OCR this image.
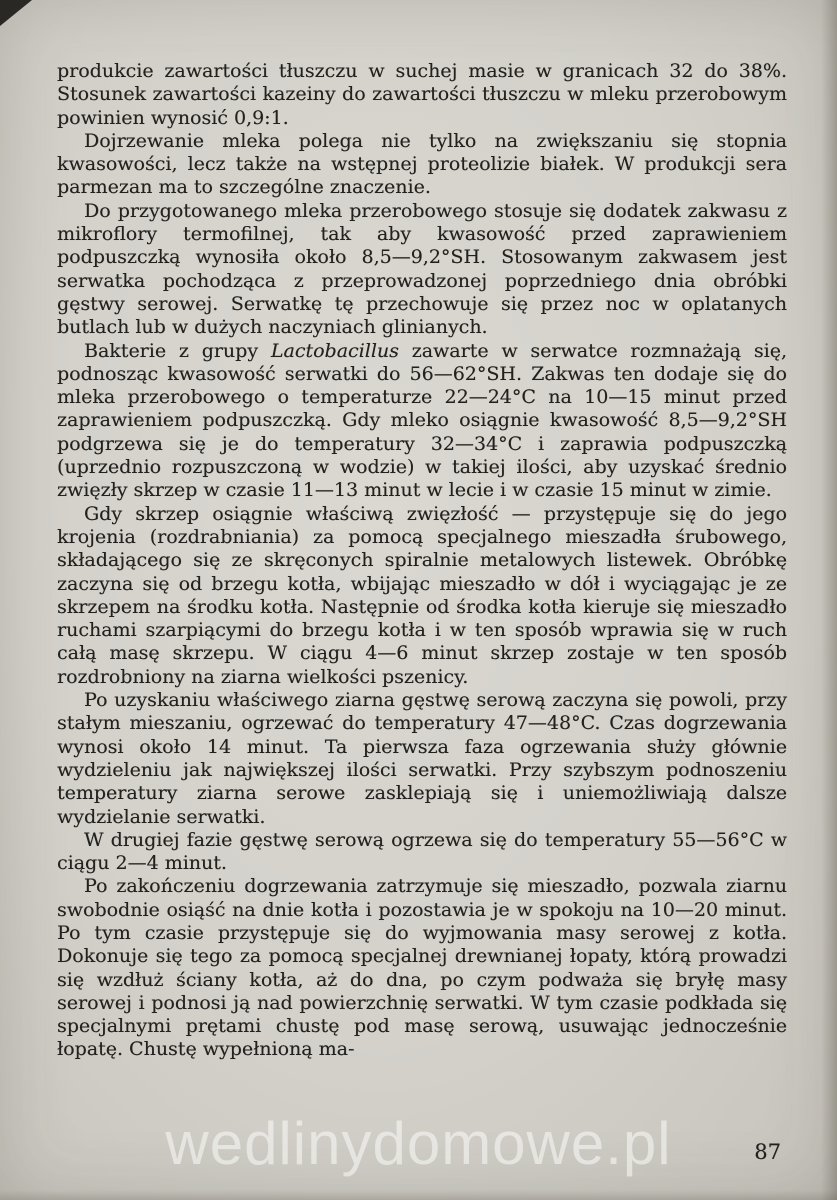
produkcie zawartości tłuszczu w suchej masie w granicach 32 do 38%. Stosunek zawartości kazeiny do zawartości tłuszczu w mleku przerobowym powinien wynosić 0,9:1.

Dojrzewanie mleka polega nie tylko na zwiększaniu się stopnia kwasowości, lecz także na wstępnej proteolizie białek. W produkcji sera parmezan ma to szczególne znaczenie.

Do przygotowanego mleka przerobowego stosuje się dodatek zakwasu z mikroflory termofilnej, tak aby kwasowość przed zaprawieniem podpuszczką wynosiła około 8,5—9,2°SH. Stosowanym zakwasem jest serwatka pochodząca z przeprowadzonej poprzedniego dnia obróbki gęstwy serowej. Serwatkę tę przechowuje się przez noc w oplatanych butlach lub w dużych naczyniach glinianych.

Bakterie z grupy Lactobacillus zawarte w serwatce rozmnażają się, podnosząc kwasowość serwatki do 56—62°SH. Zakwas ten dodaje się do mleka przerobowego o temperaturze 22—24°C na 10—15 minut przed zaprawieniem podpuszczką. Gdy mleko osiągnie kwasowość 8,5—9,2°SH podgrzewa się je do temperatury 32—34°C i zaprawia podpuszczką (uprzednio rozpuszczoną w wodzie) w takiej ilości, aby uzyskać średnio zwięzły skrzep w czasie 11—13 minut w lecie i w czasie 15 minut w zimie.

Gdy skrzep osiągnie właściwą zwięzłość — przystępuje się do jego krojenia (rozdrabniania) za pomocą specjalnego mieszadła śrubowego, składającego się ze skręconych spiralnie metalowych listewek. Obróbkę zaczyna się od brzegu kotła, wbijając mieszadło w dół i wyciągając je ze skrzepem na środku kotła. Następnie od środka kotła kieruje się mieszadło ruchami szarpiącymi do brzegu kotła i w ten sposób wprawia się w ruch całą masę skrzepu. W ciągu 4—6 minut skrzep zostaje w ten sposób rozdrobniony na ziarna wielkości pszenicy.

Po uzyskaniu właściwego ziarna gęstwę serową zaczyna się powoli, przy stałym mieszaniu, ogrzewać do temperatury 47—48°C. Czas dogrzewania wynosi około 14 minut. Ta pierwsza faza ogrzewania służy głównie wydzieleniu jak największej ilości serwatki. Przy szybszym podnoszeniu temperatury ziarna serowe zasklepiają się i uniemożliwiają dalsze wydzielanie serwatki.

W drugiej fazie gęstwę serową ogrzewa się do temperatury 55—56°C w ciągu 2—4 minut.

Po zakończeniu dogrzewania zatrzymuje się mieszadło, pozwala ziarnu swobodnie osiąść na dnie kotła i pozostawia je w spokoju na 10—20 minut. Po tym czasie przystępuje się do wyjmowania masy serowej z kotła. Dokonuje się tego za pomocą specjalnej drewnianej łopaty, którą prowadzi się wzdłuż ściany kotła, aż do dna, po czym podważa się bryłę masy serowej i podnosi ją nad powierzchnię serwatki. W tym czasie podkłada się specjalnymi prętami chustę pod masę serową, usuwając jednocześnie łopatę. Chustę wypełnioną ma-

wedlinydomowe.pl	87
